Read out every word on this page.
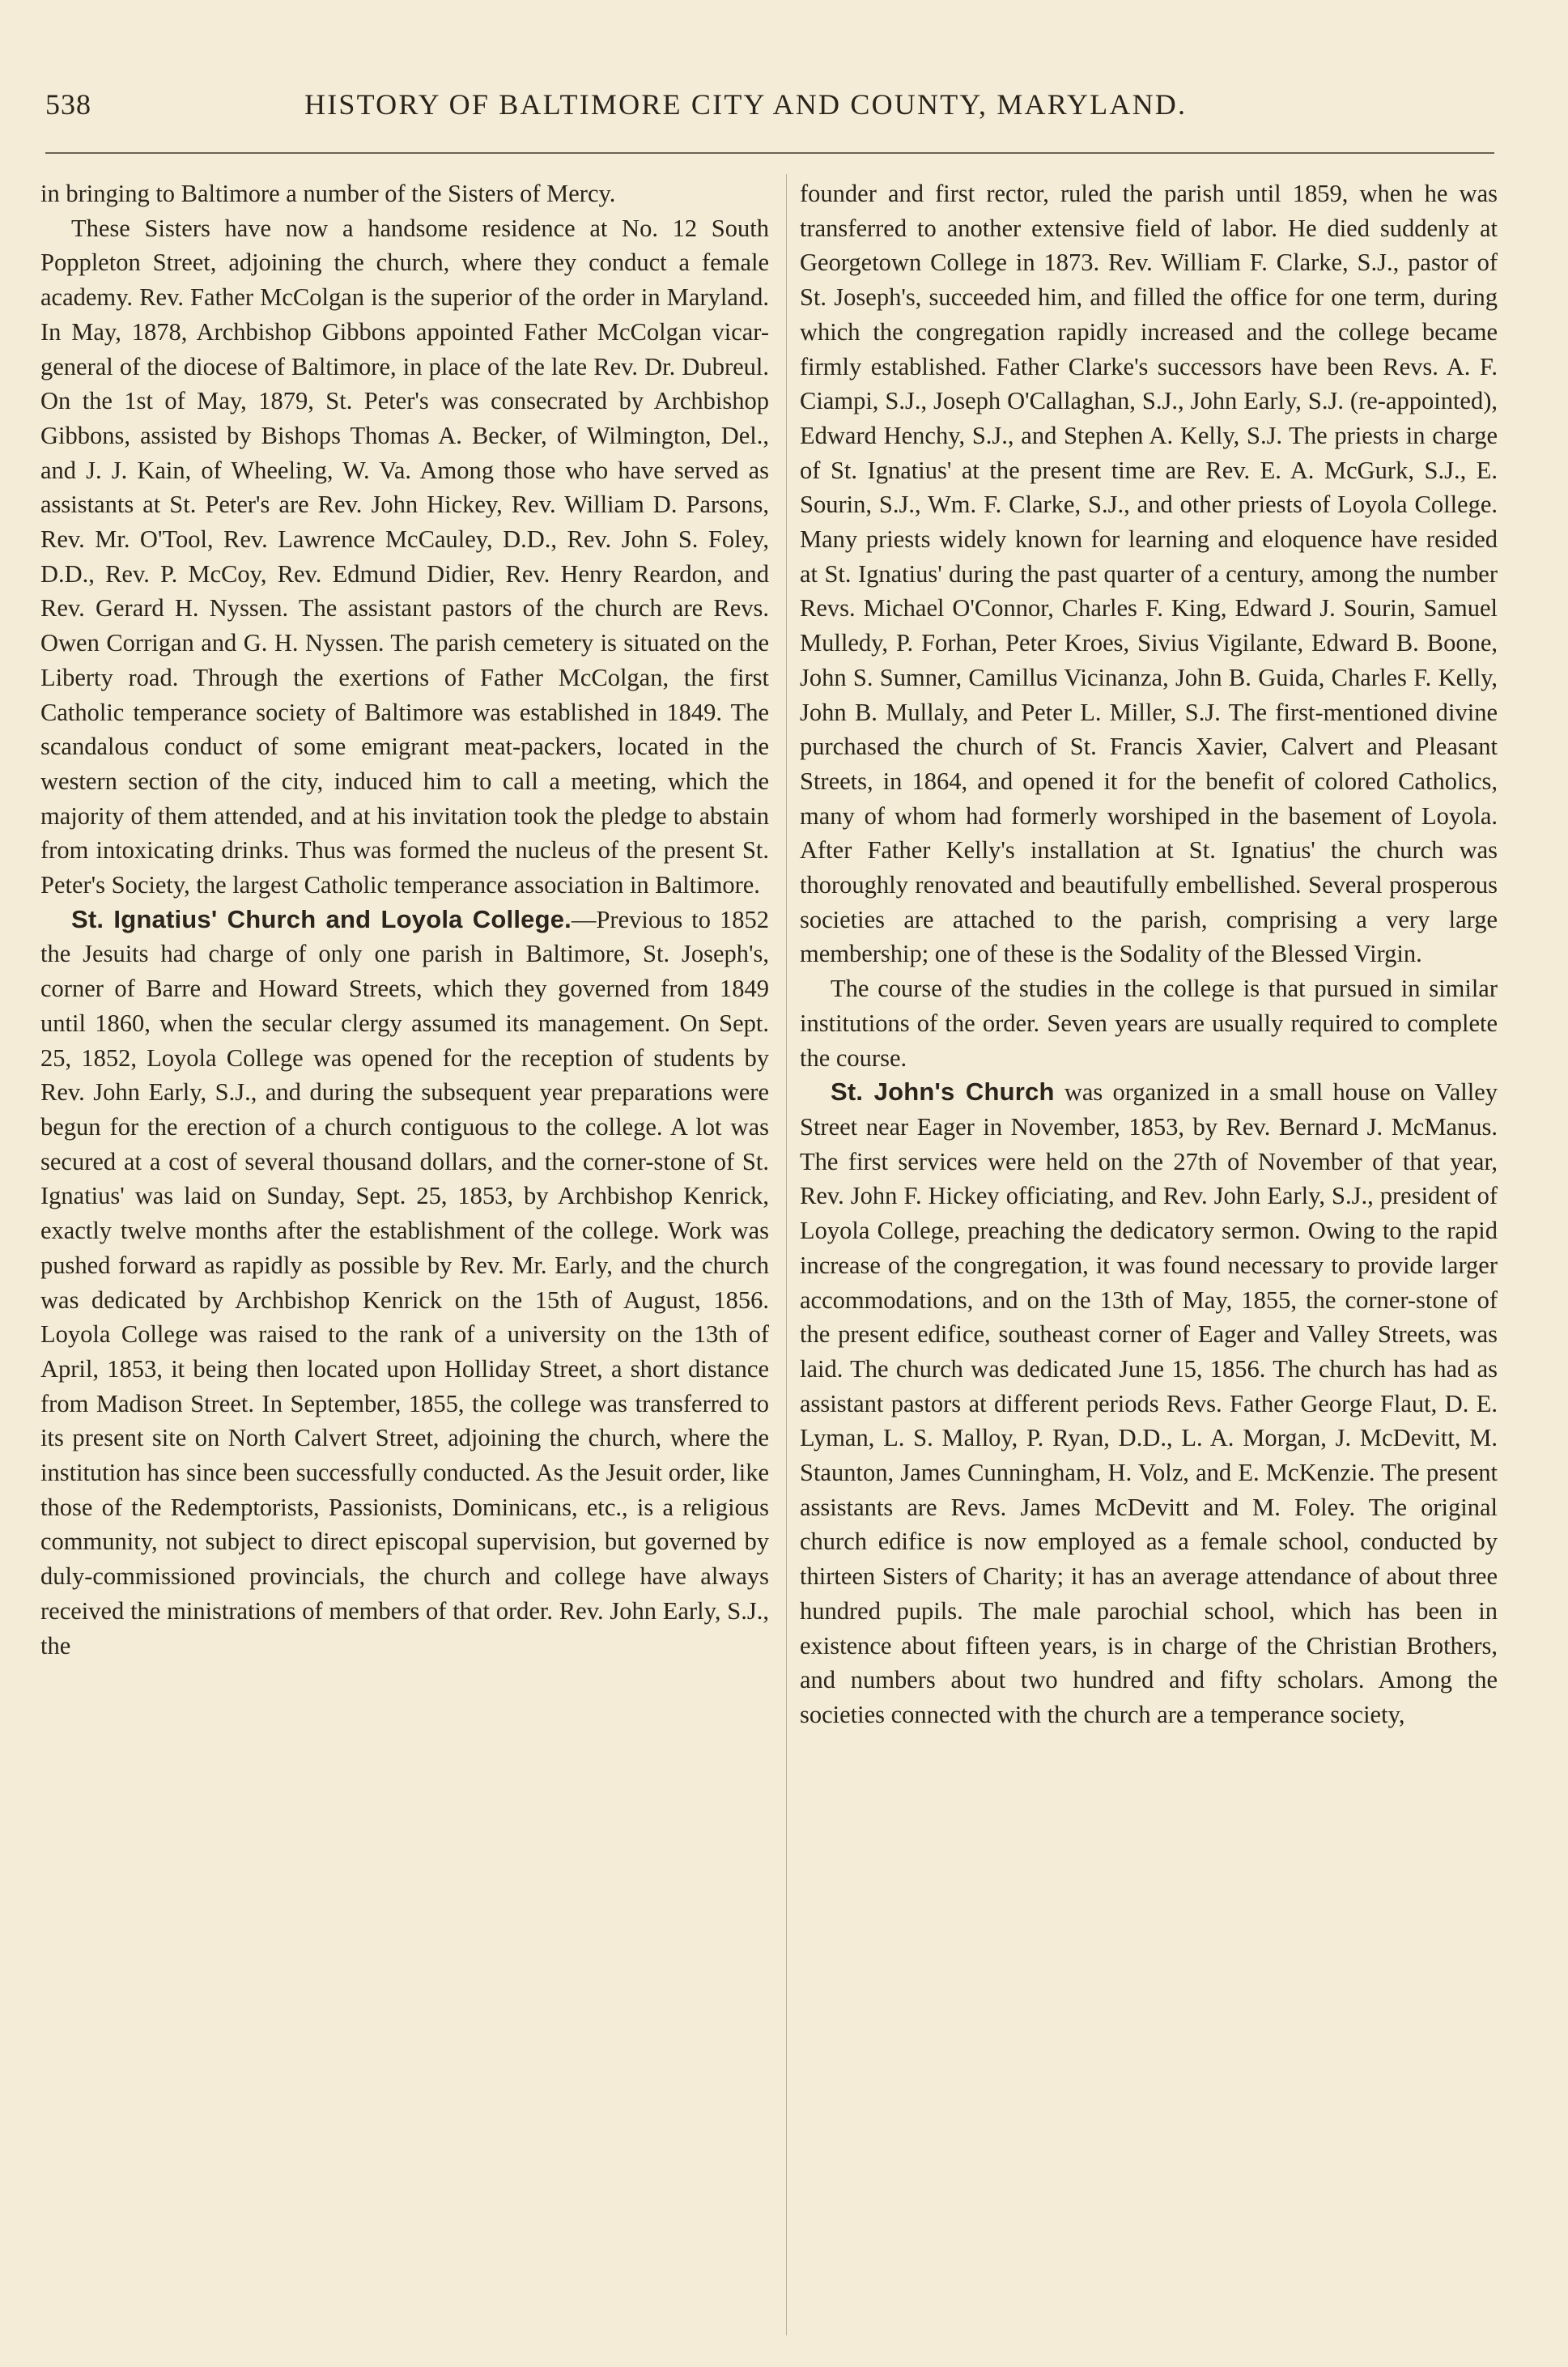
538	HISTORY OF BALTIMORE CITY AND COUNTY, MARYLAND.

in bringing to Baltimore a number of the Sisters of Mercy.

These Sisters have now a handsome residence at No. 12 South Poppleton Street, adjoining the church, where they conduct a female academy. Rev. Father McColgan is the superior of the order in Maryland. In May, 1878, Archbishop Gibbons appointed Father McColgan vicar-general of the diocese of Baltimore, in place of the late Rev. Dr. Dubreul. On the 1st of May, 1879, St. Peter's was consecrated by Archbishop Gibbons, assisted by Bishops Thomas A. Becker, of Wilmington, Del., and J. J. Kain, of Wheeling, W. Va. Among those who have served as assistants at St. Peter's are Rev. John Hickey, Rev. William D. Parsons, Rev. Mr. O'Tool, Rev. Lawrence McCauley, D.D., Rev. John S. Foley, D.D., Rev. P. McCoy, Rev. Edmund Didier, Rev. Henry Reardon, and Rev. Gerard H. Nyssen. The assistant pastors of the church are Revs. Owen Corrigan and G. H. Nyssen. The parish cemetery is situated on the Liberty road. Through the exertions of Father McColgan, the first Catholic temperance society of Baltimore was established in 1849. The scandalous conduct of some emigrant meat-packers, located in the western section of the city, induced him to call a meeting, which the majority of them attended, and at his invitation took the pledge to abstain from intoxicating drinks. Thus was formed the nucleus of the present St. Peter's Society, the largest Catholic temperance association in Baltimore.

St. Ignatius' Church and Loyola College.—Previous to 1852 the Jesuits had charge of only one parish in Baltimore, St. Joseph's, corner of Barre and Howard Streets, which they governed from 1849 until 1860, when the secular clergy assumed its management. On Sept. 25, 1852, Loyola College was opened for the reception of students by Rev. John Early, S.J., and during the subsequent year preparations were begun for the erection of a church contiguous to the college. A lot was secured at a cost of several thousand dollars, and the corner-stone of St. Ignatius' was laid on Sunday, Sept. 25, 1853, by Archbishop Kenrick, exactly twelve months after the establishment of the college. Work was pushed forward as rapidly as possible by Rev. Mr. Early, and the church was dedicated by Archbishop Kenrick on the 15th of August, 1856. Loyola College was raised to the rank of a university on the 13th of April, 1853, it being then located upon Holliday Street, a short distance from Madison Street. In September, 1855, the college was transferred to its present site on North Calvert Street, adjoining the church, where the institution has since been successfully conducted. As the Jesuit order, like those of the Redemptorists, Passionists, Dominicans, etc., is a religious community, not subject to direct episcopal supervision, but governed by duly-commissioned provincials, the church and college have always received the ministrations of members of that order. Rev. John Early, S.J., the

founder and first rector, ruled the parish until 1859, when he was transferred to another extensive field of labor. He died suddenly at Georgetown College in 1873. Rev. William F. Clarke, S.J., pastor of St. Joseph's, succeeded him, and filled the office for one term, during which the congregation rapidly increased and the college became firmly established. Father Clarke's successors have been Revs. A. F. Ciampi, S.J., Joseph O'Callaghan, S.J., John Early, S.J. (re-appointed), Edward Henchy, S.J., and Stephen A. Kelly, S.J. The priests in charge of St. Ignatius' at the present time are Rev. E. A. McGurk, S.J., E. Sourin, S.J., Wm. F. Clarke, S.J., and other priests of Loyola College. Many priests widely known for learning and eloquence have resided at St. Ignatius' during the past quarter of a century, among the number Revs. Michael O'Connor, Charles F. King, Edward J. Sourin, Samuel Mulledy, P. Forhan, Peter Kroes, Sivius Vigilante, Edward B. Boone, John S. Sumner, Camillus Vicinanza, John B. Guida, Charles F. Kelly, John B. Mullaly, and Peter L. Miller, S.J. The first-mentioned divine purchased the church of St. Francis Xavier, Calvert and Pleasant Streets, in 1864, and opened it for the benefit of colored Catholics, many of whom had formerly worshiped in the basement of Loyola. After Father Kelly's installation at St. Ignatius' the church was thoroughly renovated and beautifully embellished. Several prosperous societies are attached to the parish, comprising a very large membership; one of these is the Sodality of the Blessed Virgin.

The course of the studies in the college is that pursued in similar institutions of the order. Seven years are usually required to complete the course.

St. John's Church was organized in a small house on Valley Street near Eager in November, 1853, by Rev. Bernard J. McManus. The first services were held on the 27th of November of that year, Rev. John F. Hickey officiating, and Rev. John Early, S.J., president of Loyola College, preaching the dedicatory sermon. Owing to the rapid increase of the congregation, it was found necessary to provide larger accommodations, and on the 13th of May, 1855, the corner-stone of the present edifice, southeast corner of Eager and Valley Streets, was laid. The church was dedicated June 15, 1856. The church has had as assistant pastors at different periods Revs. Father George Flaut, D. E. Lyman, L. S. Malloy, P. Ryan, D.D., L. A. Morgan, J. McDevitt, M. Staunton, James Cunningham, H. Volz, and E. McKenzie. The present assistants are Revs. James McDevitt and M. Foley. The original church edifice is now employed as a female school, conducted by thirteen Sisters of Charity; it has an average attendance of about three hundred pupils. The male parochial school, which has been in existence about fifteen years, is in charge of the Christian Brothers, and numbers about two hundred and fifty scholars. Among the societies connected with the church are a temperance society,
